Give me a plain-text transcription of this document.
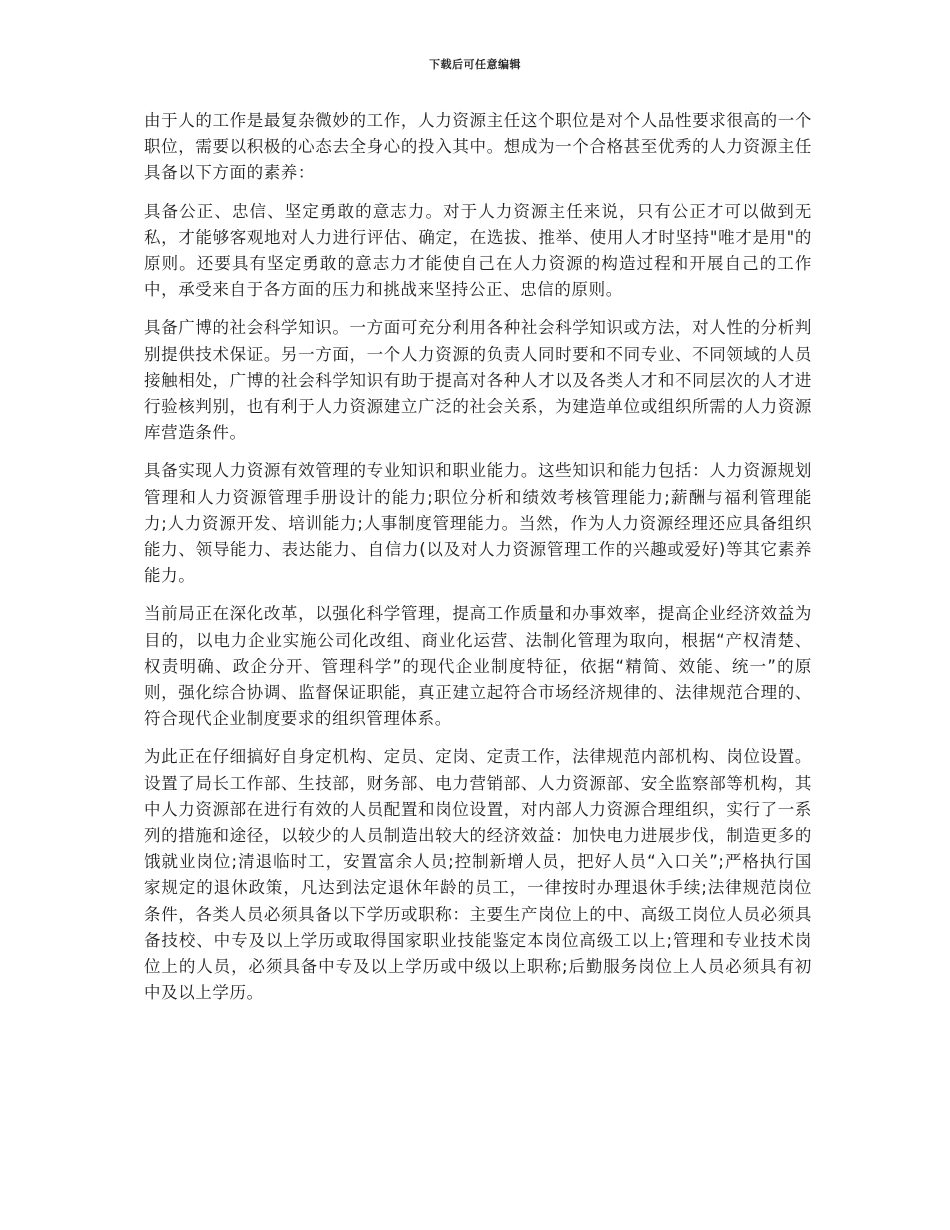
下载后可任意编辑

由于人的工作是最复杂微妙的工作，人力资源主任这个职位是对个人品性要求很高的一个职位，需要以积极的心态去全身心的投入其中。想成为一个合格甚至优秀的人力资源主任具备以下方面的素养：

具备公正、忠信、坚定勇敢的意志力。对于人力资源主任来说，只有公正才可以做到无私，才能够客观地对人力进行评估、确定，在选拔、推举、使用人才时坚持"唯才是用"的原则。还要具有坚定勇敢的意志力才能使自己在人力资源的构造过程和开展自己的工作中，承受来自于各方面的压力和挑战来坚持公正、忠信的原则。

具备广博的社会科学知识。一方面可充分利用各种社会科学知识或方法，对人性的分析判别提供技术保证。另一方面，一个人力资源的负责人同时要和不同专业、不同领域的人员接触相处，广博的社会科学知识有助于提高对各种人才以及各类人才和不同层次的人才进行验核判别，也有利于人力资源建立广泛的社会关系，为建造单位或组织所需的人力资源库营造条件。

具备实现人力资源有效管理的专业知识和职业能力。这些知识和能力包括：人力资源规划管理和人力资源管理手册设计的能力;职位分析和绩效考核管理能力;薪酬与福利管理能力;人力资源开发、培训能力;人事制度管理能力。当然，作为人力资源经理还应具备组织能力、领导能力、表达能力、自信力(以及对人力资源管理工作的兴趣或爱好)等其它素养能力。

当前局正在深化改革，以强化科学管理，提高工作质量和办事效率，提高企业经济效益为目的，以电力企业实施公司化改组、商业化运营、法制化管理为取向，根据“产权清楚、权责明确、政企分开、管理科学”的现代企业制度特征，依据“精简、效能、统一”的原则，强化综合协调、监督保证职能，真正建立起符合市场经济规律的、法律规范合理的、符合现代企业制度要求的组织管理体系。

为此正在仔细搞好自身定机构、定员、定岗、定责工作，法律规范内部机构、岗位设置。设置了局长工作部、生技部，财务部、电力营销部、人力资源部、安全监察部等机构，其中人力资源部在进行有效的人员配置和岗位设置，对内部人力资源合理组织，实行了一系列的措施和途径，以较少的人员制造出较大的经济效益：加快电力进展步伐，制造更多的饿就业岗位;清退临时工，安置富余人员;控制新增人员，把好人员“入口关”;严格执行国家规定的退休政策，凡达到法定退休年龄的员工，一律按时办理退休手续;法律规范岗位条件，各类人员必须具备以下学历或职称：主要生产岗位上的中、高级工岗位人员必须具备技校、中专及以上学历或取得国家职业技能鉴定本岗位高级工以上;管理和专业技术岗位上的人员，必须具备中专及以上学历或中级以上职称;后勤服务岗位上人员必须具有初中及以上学历。
